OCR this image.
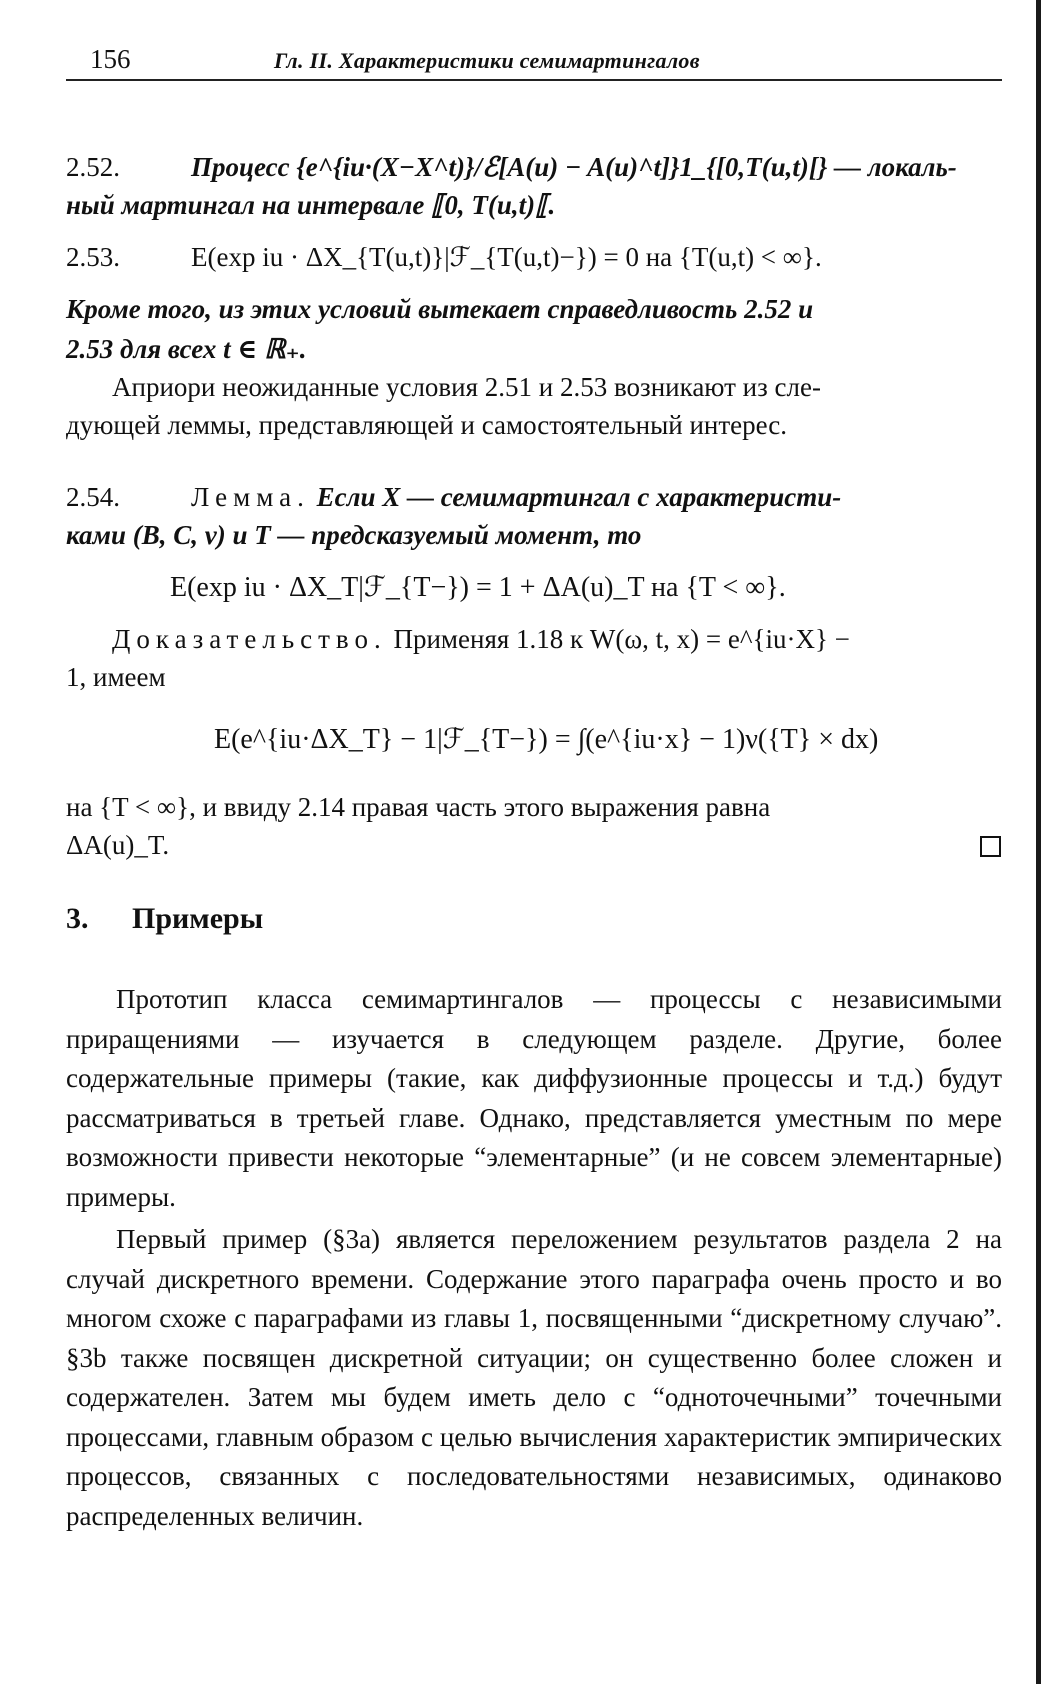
156	Гл. II. Характеристики семимартингалов
2.52.	Процесс {e^{iu·(X−X^t)}/ℰ[A(u) − A(u)^t]}1_{[0,T(u,t)[} — локаль-
ный мартингал на интервале ⟦0, T(u,t)⟦.
2.53.	E(exp iu · ΔX_{T(u,t)}|ℱ_{T(u,t)−}) = 0 на {T(u,t) < ∞}.
Кроме того, из этих условий вытекает справедливость 2.52 и
2.53 для всех t ∈ ℝ₊.
Априори неожиданные условия 2.51 и 2.53 возникают из сле-
дующей леммы, представляющей и самостоятельный интерес.
2.54.	Лемма. Если X — семимартингал с характеристи-
ками (B, C, ν) и T — предсказуемый момент, то
E(exp iu · ΔX_T|ℱ_{T−}) = 1 + ΔA(u)_T на {T < ∞}.
Доказательство. Применяя 1.18 к W(ω, t, x) = e^{iu·X} −
1, имеем
E(e^{iu·ΔX_T} − 1|ℱ_{T−}) = ∫(e^{iu·x} − 1)ν({T} × dx)
на {T < ∞}, и ввиду 2.14 правая часть этого выражения равна
ΔA(u)_T.
3. Примеры
Прототип класса семимартингалов — процессы с независимыми приращениями — изучается в следующем разделе. Другие, более содержательные примеры (такие, как диффузионные процессы и т.д.) будут рассматриваться в третьей главе. Однако, представляется уместным по мере возможности привести некоторые “элементарные” (и не совсем элементарные) примеры.
Первый пример (§3a) является переложением результатов раздела 2 на случай дискретного времени. Содержание этого параграфа очень просто и во многом схоже с параграфами из главы 1, посвященными “дискретному случаю”. §3b также посвящен дискретной ситуации; он существенно более сложен и содержателен. Затем мы будем иметь дело с “одноточечными” точечными процессами, главным образом с целью вычисления характеристик эмпирических процессов, связанных с последовательностями независимых, одинаково распределенных величин.
